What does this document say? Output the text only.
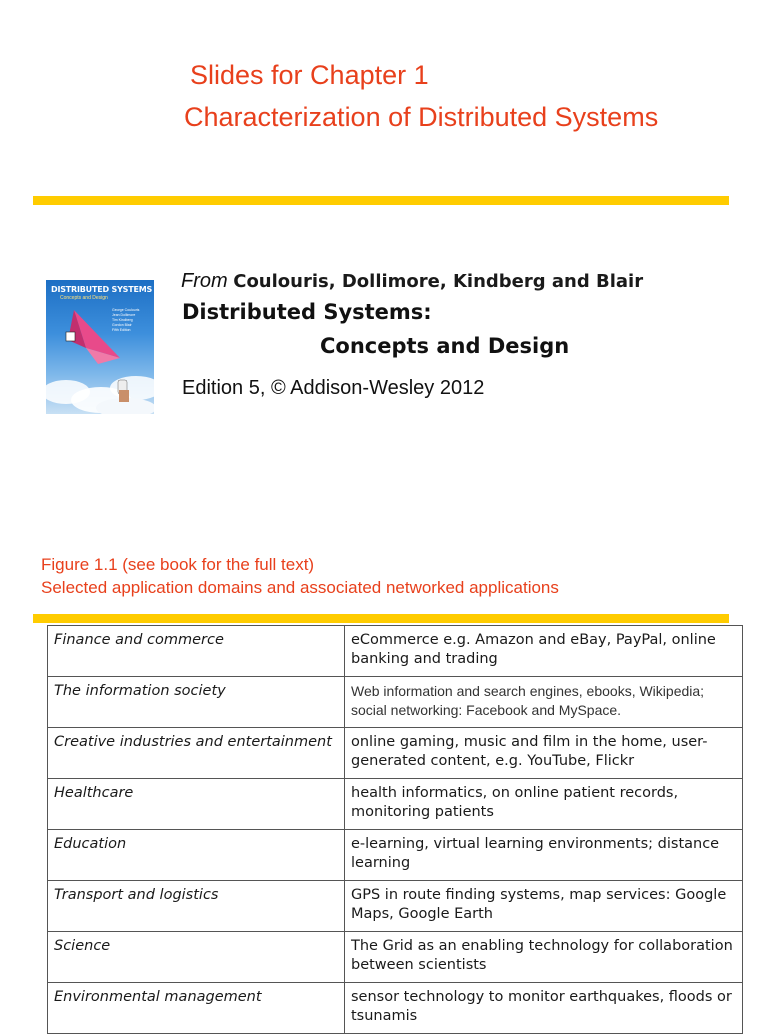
Slides for Chapter 1
Characterization of Distributed Systems
DISTRIBUTED SYSTEMS
Concepts and Design
George Coulouris
Jean Dollimore
Tim Kindberg
Gordon Blair
Fifth Edition
From Coulouris, Dollimore, Kindberg and Blair
Distributed Systems:
Concepts and Design
Edition 5, © Addison-Wesley 2012
Figure 1.1 (see book for the full text)
Selected application domains and associated networked applications
Finance and commerce	eCommerce e.g. Amazon and eBay, PayPal, online banking and trading
The information society	Web information and search engines, ebooks, Wikipedia; social networking: Facebook and MySpace.
Creative industries and entertainment	online gaming, music and film in the home, user-generated content, e.g. YouTube, Flickr
Healthcare	health informatics, on online patient records, monitoring patients
Education	e-learning, virtual learning environments; distance learning
Transport and logistics	GPS in route finding systems, map services: Google Maps, Google Earth
Science	The Grid as an enabling technology for collaboration between scientists
Environmental management	sensor technology to monitor earthquakes, floods or tsunamis
